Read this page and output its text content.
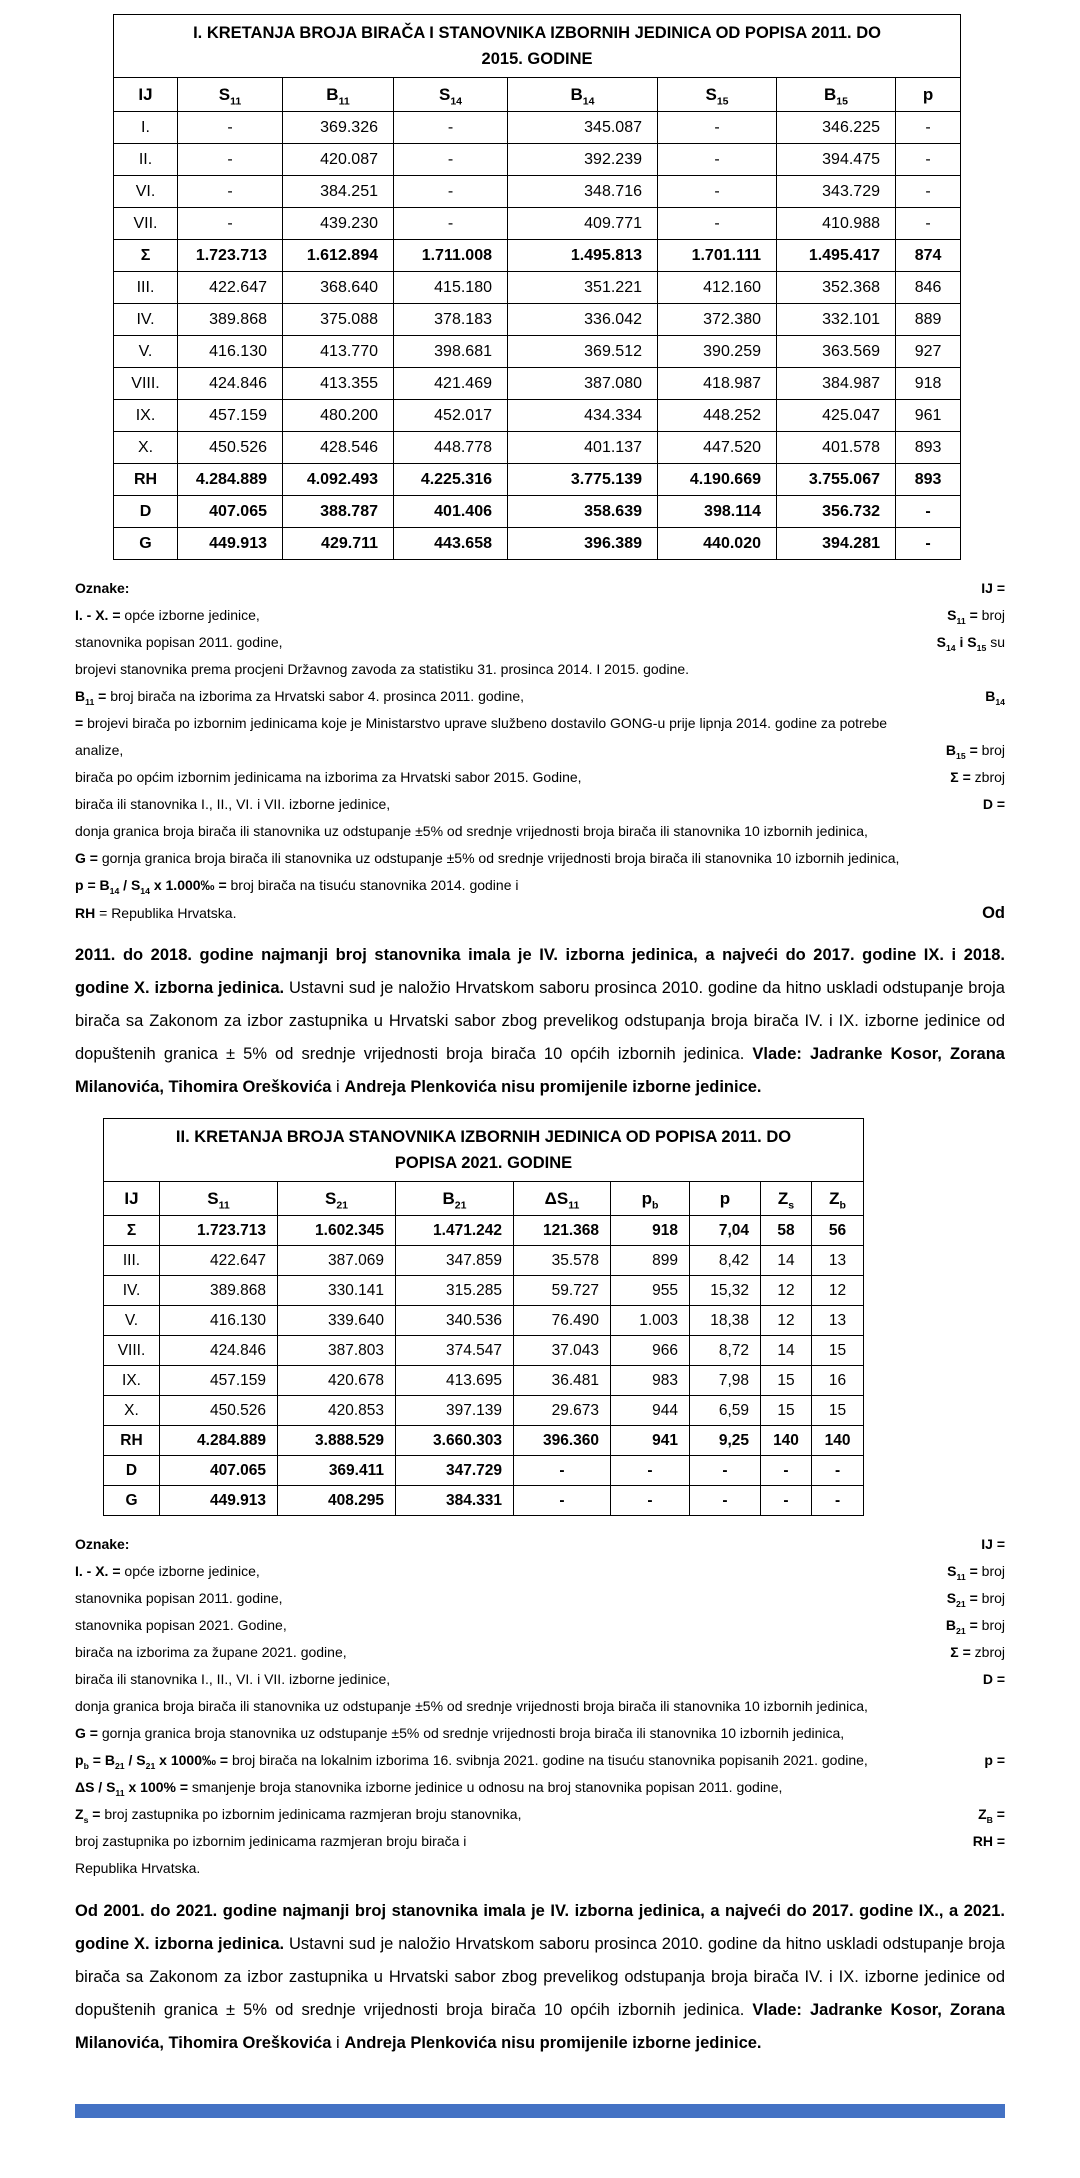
I. KRETANJA BROJA BIRAČA I STANOVNIKA IZBORNIH JEDINICA OD POPISA 2011. DO 2015. GODINE							
IJ	$S_{11}$	$B_{11}$	$S_{14}$	$B_{14}$	$S_{15}$	$B_{15}$	p
I.	-	369.326	-	345.087	-	346.225	-
II.	-	420.087	-	392.239	-	394.475	-
VI.	-	384.251	-	348.716	-	343.729	-
VII.	-	439.230	-	409.771	-	410.988	-
Σ	1.723.713	1.612.894	1.711.008	1.495.813	1.701.111	1.495.417	874
III.	422.647	368.640	415.180	351.221	412.160	352.368	846
IV.	389.868	375.088	378.183	336.042	372.380	332.101	889
V.	416.130	413.770	398.681	369.512	390.259	363.569	927
VIII.	424.846	413.355	421.469	387.080	418.987	384.987	918
IX.	457.159	480.200	452.017	434.334	448.252	425.047	961
X.	450.526	428.546	448.778	401.137	447.520	401.578	893
RH	4.284.889	4.092.493	4.225.316	3.775.139	4.190.669	3.755.067	893
D	407.065	388.787	401.406	358.639	398.114	356.732	-
G	449.913	429.711	443.658	396.389	440.020	394.281	-
Oznake:	IJ =
I. - X. = opće izborne jedinice,	$S_{11}$ = broj
stanovnika popisan 2011. godine,	$S_{14}$ i $S_{15}$ su
brojevi stanovnika prema procjeni Državnog zavoda za statistiku 31. prosinca 2014. I 2015. godine.
$B_{11}$ = broj birača na izborima za Hrvatski sabor 4. prosinca 2011. godine,	$B_{14}$
= brojevi birača po izbornim jedinicama koje je Ministarstvo uprave službeno dostavilo GONG-u prije lipnja 2014. godine za potrebe
analize,	$B_{15}$ = broj
birača po općim izbornim jedinicama na izborima za Hrvatski sabor 2015. Godine,	Σ = zbroj
birača ili stanovnika I., II., VI. i VII. izborne jedinice,	D =
donja granica broja birača ili stanovnika uz odstupanje ±5% od srednje vrijednosti broja birača ili stanovnika 10 izbornih jedinica,
G = gornja granica broja birača ili stanovnika uz odstupanje ±5% od srednje vrijednosti broja birača ili stanovnika 10 izbornih jedinica,
$p = B_{14} / S_{14}$ x 1.000‰ = broj birača na tisuću stanovnika 2014. godine i
RH = Republika Hrvatska.	Od

2011. do 2018. godine najmanji broj stanovnika imala je IV. izborna jedinica, a najveći do 2017. godine IX. i 2018. godine X. izborna jedinica. Ustavni sud je naložio Hrvatskom saboru prosinca 2010. godine da hitno uskladi odstupanje broja birača sa Zakonom za izbor zastupnika u Hrvatski sabor zbog prevelikog odstupanja broja birača IV. i IX. izborne jedinice od dopuštenih granica ± 5% od srednje vrijednosti broja birača 10 općih izbornih jedinica. Vlade: Jadranke Kosor, Zorana Milanovića, Tihomira Oreškovića i Andreja Plenkovića nisu promijenile izborne jedinice.

II. KRETANJA BROJA STANOVNIKA IZBORNIH JEDINICA OD POPISA 2011. DO POPISA 2021. GODINE								
IJ	$S_{11}$	$S_{21}$	$B_{21}$	$\Delta S_{11}$	$p_b$	p	$Z_s$	$Z_b$
Σ	1.723.713	1.602.345	1.471.242	121.368	918	7,04	58	56
III.	422.647	387.069	347.859	35.578	899	8,42	14	13
IV.	389.868	330.141	315.285	59.727	955	15,32	12	12
V.	416.130	339.640	340.536	76.490	1.003	18,38	12	13
VIII.	424.846	387.803	374.547	37.043	966	8,72	14	15
IX.	457.159	420.678	413.695	36.481	983	7,98	15	16
X.	450.526	420.853	397.139	29.673	944	6,59	15	15
RH	4.284.889	3.888.529	3.660.303	396.360	941	9,25	140	140
D	407.065	369.411	347.729	-	-	-	-	-
G	449.913	408.295	384.331	-	-	-	-	-
Oznake:	IJ =
I. - X. = opće izborne jedinice,	$S_{11}$ = broj
stanovnika popisan 2011. godine,	$S_{21}$ = broj
stanovnika popisan 2021. Godine,	$B_{21}$ = broj
birača na izborima za župane 2021. godine,	Σ = zbroj
birača ili stanovnika I., II., VI. i VII. izborne jedinice,	D =
donja granica broja birača ili stanovnika uz odstupanje ±5% od srednje vrijednosti broja birača ili stanovnika 10 izbornih jedinica,
G = gornja granica broja stanovnika uz odstupanje ±5% od srednje vrijednosti broja birača ili stanovnika 10 izbornih jedinica,
$p_b = B_{21} / S_{21}$ x 1000‰ = broj birača na lokalnim izborima 16. svibnja 2021. godine na tisuću stanovnika popisanih 2021. godine,	p =
ΔS / $S_{11}$ x 100% = smanjenje broja stanovnika izborne jedinice u odnosu na broj stanovnika popisan 2011. godine,
$Z_s$ = broj zastupnika po izbornim jedinicama razmjeran broju stanovnika,	$Z_B$ =
broj zastupnika po izbornim jedinicama razmjeran broju birača i	RH =
Republika Hrvatska.

Od 2001. do 2021. godine najmanji broj stanovnika imala je IV. izborna jedinica, a najveći do 2017. godine IX., a 2021. godine X. izborna jedinica. Ustavni sud je naložio Hrvatskom saboru prosinca 2010. godine da hitno uskladi odstupanje broja birača sa Zakonom za izbor zastupnika u Hrvatski sabor zbog prevelikog odstupanja broja birača IV. i IX. izborne jedinice od dopuštenih granica ± 5% od srednje vrijednosti broja birača 10 općih izbornih jedinica. Vlade: Jadranke Kosor, Zorana Milanovića, Tihomira Oreškovića i Andreja Plenkovića nisu promijenile izborne jedinice.
